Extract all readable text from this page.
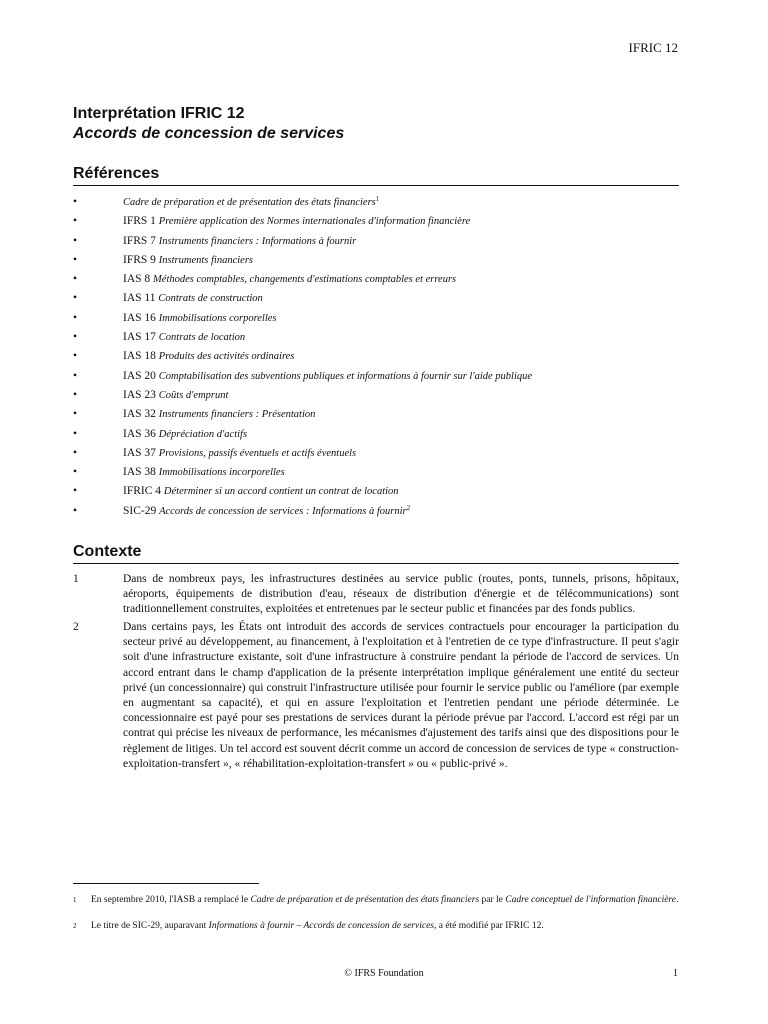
IFRIC 12

Interprétation IFRIC 12

Accords de concession de services

Références
•	Cadre de préparation et de présentation des états financiers$^1$
•	IFRS 1 Première application des Normes internationales d'information financière
•	IFRS 7 Instruments financiers : Informations à fournir
•	IFRS 9 Instruments financiers
•	IAS 8 Méthodes comptables, changements d'estimations comptables et erreurs
•	IAS 11 Contrats de construction
•	IAS 16 Immobilisations corporelles
•	IAS 17 Contrats de location
•	IAS 18 Produits des activités ordinaires
•	IAS 20 Comptabilisation des subventions publiques et informations à fournir sur l'aide publique
•	IAS 23 Coûts d'emprunt
•	IAS 32 Instruments financiers : Présentation
•	IAS 36 Dépréciation d'actifs
•	IAS 37 Provisions, passifs éventuels et actifs éventuels
•	IAS 38 Immobilisations incorporelles
•	IFRIC 4 Déterminer si un accord contient un contrat de location
•	SIC-29 Accords de concession de services : Informations à fournir$^2$
Contexte
1	Dans de nombreux pays, les infrastructures destinées au service public (routes, ponts, tunnels, prisons, hôpitaux, aéroports, équipements de distribution d'eau, réseaux de distribution d'énergie et de télécommunications) sont traditionnellement construites, exploitées et entretenues par le secteur public et financées par des fonds publics.
2	Dans certains pays, les États ont introduit des accords de services contractuels pour encourager la participation du secteur privé au développement, au financement, à l'exploitation et à l'entretien de ce type d'infrastructure. Il peut s'agir soit d'une infrastructure existante, soit d'une infrastructure à construire pendant la période de l'accord de services. Un accord entrant dans le champ d'application de la présente interprétation implique généralement une entité du secteur privé (un concessionnaire) qui construit l'infrastructure utilisée pour fournir le service public ou l'améliore (par exemple en augmentant sa capacité), et qui en assure l'exploitation et l'entretien pendant une période déterminée. Le concessionnaire est payé pour ses prestations de services durant la période prévue par l'accord. L'accord est régi par un contrat qui précise les niveaux de performance, les mécanismes d'ajustement des tarifs ainsi que des dispositions pour le règlement de litiges. Un tel accord est souvent décrit comme un accord de concession de services de type « construction-exploitation-transfert », « réhabilitation-exploitation-transfert » ou « public-privé ».
1 En septembre 2010, l'IASB a remplacé le Cadre de préparation et de présentation des états financiers par le Cadre conceptuel de l'information financière.
2 Le titre de SIC-29, auparavant Informations à fournir – Accords de concession de services, a été modifié par IFRIC 12.
© IFRS Foundation	1
